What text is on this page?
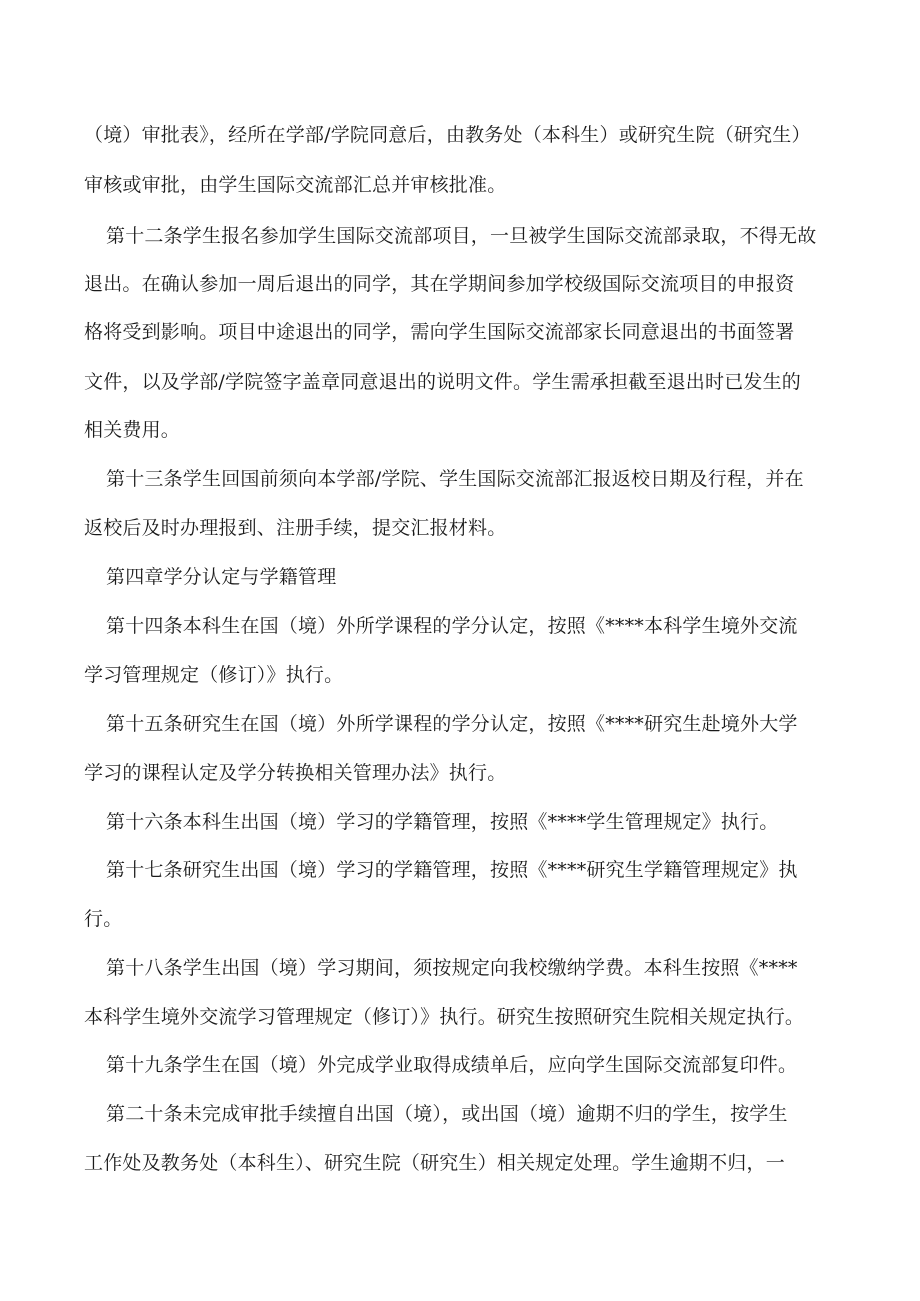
（境）审批表》，经所在学部/学院同意后，由教务处（本科生）或研究生院（研究生）
审核或审批，由学生国际交流部汇总并审核批准。
第十二条学生报名参加学生国际交流部项目，一旦被学生国际交流部录取，不得无故
退出。在确认参加一周后退出的同学，其在学期间参加学校级国际交流项目的申报资
格将受到影响。项目中途退出的同学，需向学生国际交流部家长同意退出的书面签署
文件，以及学部/学院签字盖章同意退出的说明文件。学生需承担截至退出时已发生的
相关费用。
第十三条学生回国前须向本学部/学院、学生国际交流部汇报返校日期及行程，并在
返校后及时办理报到、注册手续，提交汇报材料。
第四章学分认定与学籍管理
第十四条本科生在国（境）外所学课程的学分认定，按照《****本科学生境外交流
学习管理规定（修订）》执行。
第十五条研究生在国（境）外所学课程的学分认定，按照《****研究生赴境外大学
学习的课程认定及学分转换相关管理办法》执行。
第十六条本科生出国（境）学习的学籍管理，按照《****学生管理规定》执行。
第十七条研究生出国（境）学习的学籍管理，按照《****研究生学籍管理规定》执
行。
第十八条学生出国（境）学习期间，须按规定向我校缴纳学费。本科生按照《****
本科学生境外交流学习管理规定（修订）》执行。研究生按照研究生院相关规定执行。
第十九条学生在国（境）外完成学业取得成绩单后，应向学生国际交流部复印件。
第二十条未完成审批手续擅自出国（境），或出国（境）逾期不归的学生，按学生
工作处及教务处（本科生）、研究生院（研究生）相关规定处理。学生逾期不归，一
